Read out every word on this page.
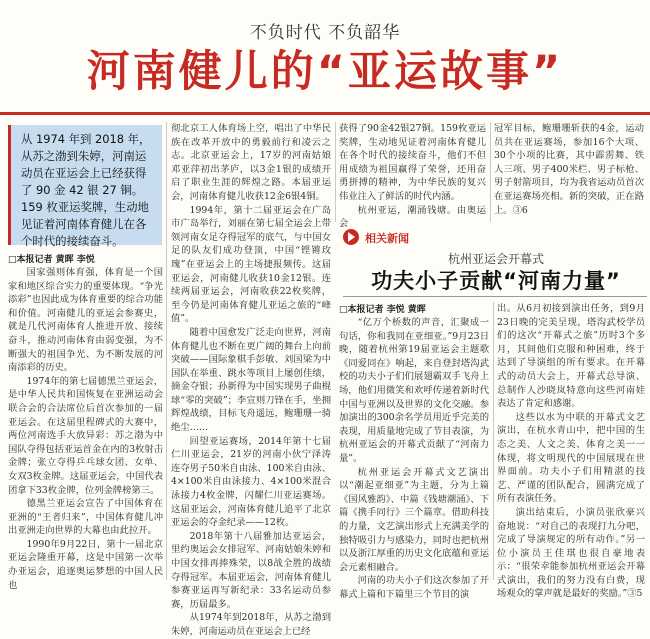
不负时代 不负韶华
河南健儿的“亚运故事”
从 1974 年到 2018 年，从苏之渤到朱婷，河南运动员在亚运会上已经获得了 90 金 42 银 27 铜。159 枚亚运奖牌，生动地见证着河南体育健儿在各个时代的接续奋斗。
□本报记者 黄晖 李悦

国家强则体育强，体育是一个国家和地区综合实力的重要体现。“争光添彩”也因此成为体育重要的综合功能和价值。河南健儿的亚运会参赛史，就是几代河南体育人推进开放、接续奋斗，推动河南体育由弱变强，为不断强大的祖国争光、为不断发展的河南添彩的历史。

1974年的第七届德黑兰亚运会，是中华人民共和国恢复在亚洲运动会联合会的合法席位后首次参加的一届亚运会。在这届里程碑式的大赛中，两位河南选手大放异彩：苏之渤为中国队夺得包括亚运首金在内的3枚射击金牌；张立夺得乒乓球女团、女单、女双3枚金牌。这届亚运会，中国代表团拿下33枚金牌，位列金牌榜第三。

德黑兰亚运会宣告了中国体育在亚洲的“王者归来”，中国体育健儿冲出亚洲走向世界的大幕也由此拉开。

1990年9月22日，第十一届北京亚运会隆重开幕，这是中国第一次举办亚运会，追逐奥运梦想的中国人民也

彻北京工人体育场上空，唱出了中华民族在改革开放中的勇毅前行和凌云之志。北京亚运会上，17岁的河南姑娘邓亚萍初出茅庐，以3金1银的成绩开启了职业生涯的辉煌之路。本届亚运会，河南体育健儿收获12金6银4铜。

1994年，第十二届亚运会在广岛市广岛举行，刘丽在第七届全运会上带领河南女足夺得冠军的底气，与中国女足的队友们成功登顶，中国“铿锵玫瑰”在亚运会上的主场捷报频传。这届亚运会，河南健儿收获10金12银。连续两届亚运会，河南收获22枚奖牌，至今仍是河南体育健儿亚运之旅的“峰值”。

随着中国愈发广泛走向世界，河南体育健儿也不断在更广阔的舞台上向前突破——国际象棋手彭敏、刘国梁为中国队在举重、跳水等项目上屡创佳绩，摘金夺银；孙新得为中国实现男子曲棍球“零的突破”；李宣则刀锋在手，坐拥辉煌战绩，目标飞舟遥远，鲍珊珊一骑绝尘……

回望亚运赛场，2014年第十七届仁川亚运会，21岁的河南小伙宁泽涛连夺男子50米自由泳、100米自由泳、4×100米自由泳接力、4×100米混合泳接力4枚金牌，闪耀仁川亚运赛场。这届亚运会，河南体育健儿追平了北京亚运会的夺金纪录——12枚。

2018年第十八届雅加达亚运会，里约奥运会女排冠军、河南姑娘朱婷和中国女排再捧殊荣，以8战全胜的战绩夺得冠军。本届亚运会，河南体育健儿参赛亚运再写新纪录：33名运动员参赛，历届最多。

从1974年到2018年，从苏之渤到朱婷，河南运动员在亚运会上已经

获得了90金42银27铜。159枚亚运奖牌，生动地见证着河南体育健儿在各个时代的接续奋斗，他们不但用成绩为祖国赢得了荣誉，还用奋勇拼搏的精神，为中华民族的复兴伟业注入了鲜活的时代内涵。

杭州亚运，潮涌钱塘。由奥运会

冠军目标，鲍珊珊斩获的4金，运动员共在亚运赛场，参加16个大项、30个小项的比赛，其中霹雳舞、铁人三项、男子400米栏、男子标枪、男子射箭项目，均为我省运动员首次在亚运赛场亮相。新的突破，正在路上。③6

相关新闻
杭州亚运会开幕式
功夫小子贡献“河南力量”
□本报记者 李悦 黄晖

“亿万个桥数的声音，汇聚成一句话，你和我同在亚细亚。”9月23日晚，随着杭州第19届亚运会主题歌《同爱同在》响起，来自登封塔沟武校的功夫小子们们展翅霸双手飞舟上场，他们用微笑和欢呼传递着新时代中国与亚洲以及世界的文化交融。参加演出的300余名学员用近乎完美的表现，用质量地完成了节目表演，为杭州亚运会的开幕式贡献了“河南力量”。

杭州亚运会开幕式文艺演出以“潮起亚细亚”为主题，分为上篇《国风雅韵》、中篇《钱塘潮涌》、下篇《携手同行》三个篇章。借助科技的力量，文艺演出形式上充满美学的独特吸引力与感染力，同时也把杭州以及浙江厚重的历史文化底蕴和亚运会元素相融合。

河南的功夫小子们这次参加了开幕式上篇和下篇里三个节目的演

出。从6月初接到演出任务，到9月23日晚的完美呈现，塔沟武校学员们的这次“开幕式之旅”历时3个多月，其间他们克服和种困难，终于达到了导演组的所有要求。在开幕式的动员大会上，开幕式总导演、总制作人沙晓岚特意向这些河南娃表达了肯定和感谢。

这些以水为中联的开幕式文艺演出，在杭水青山中，把中国的生态之美、人文之美、体育之美一一体现，将文明现代的中国展现在世界面前。功夫小子们用精湛的技艺、严谨的团队配合，圆满完成了所有表演任务。

演出结束后，小演员张欣豪兴奋地说：“对自己的表现打九分吧，完成了导演规定的所有动作。”另一位小演员王佳琪也很自豪地表示：“很荣幸能参加杭州亚运会开幕式演出，我们的努力没有白费，现场观众的掌声就是最好的奖励。”③5
